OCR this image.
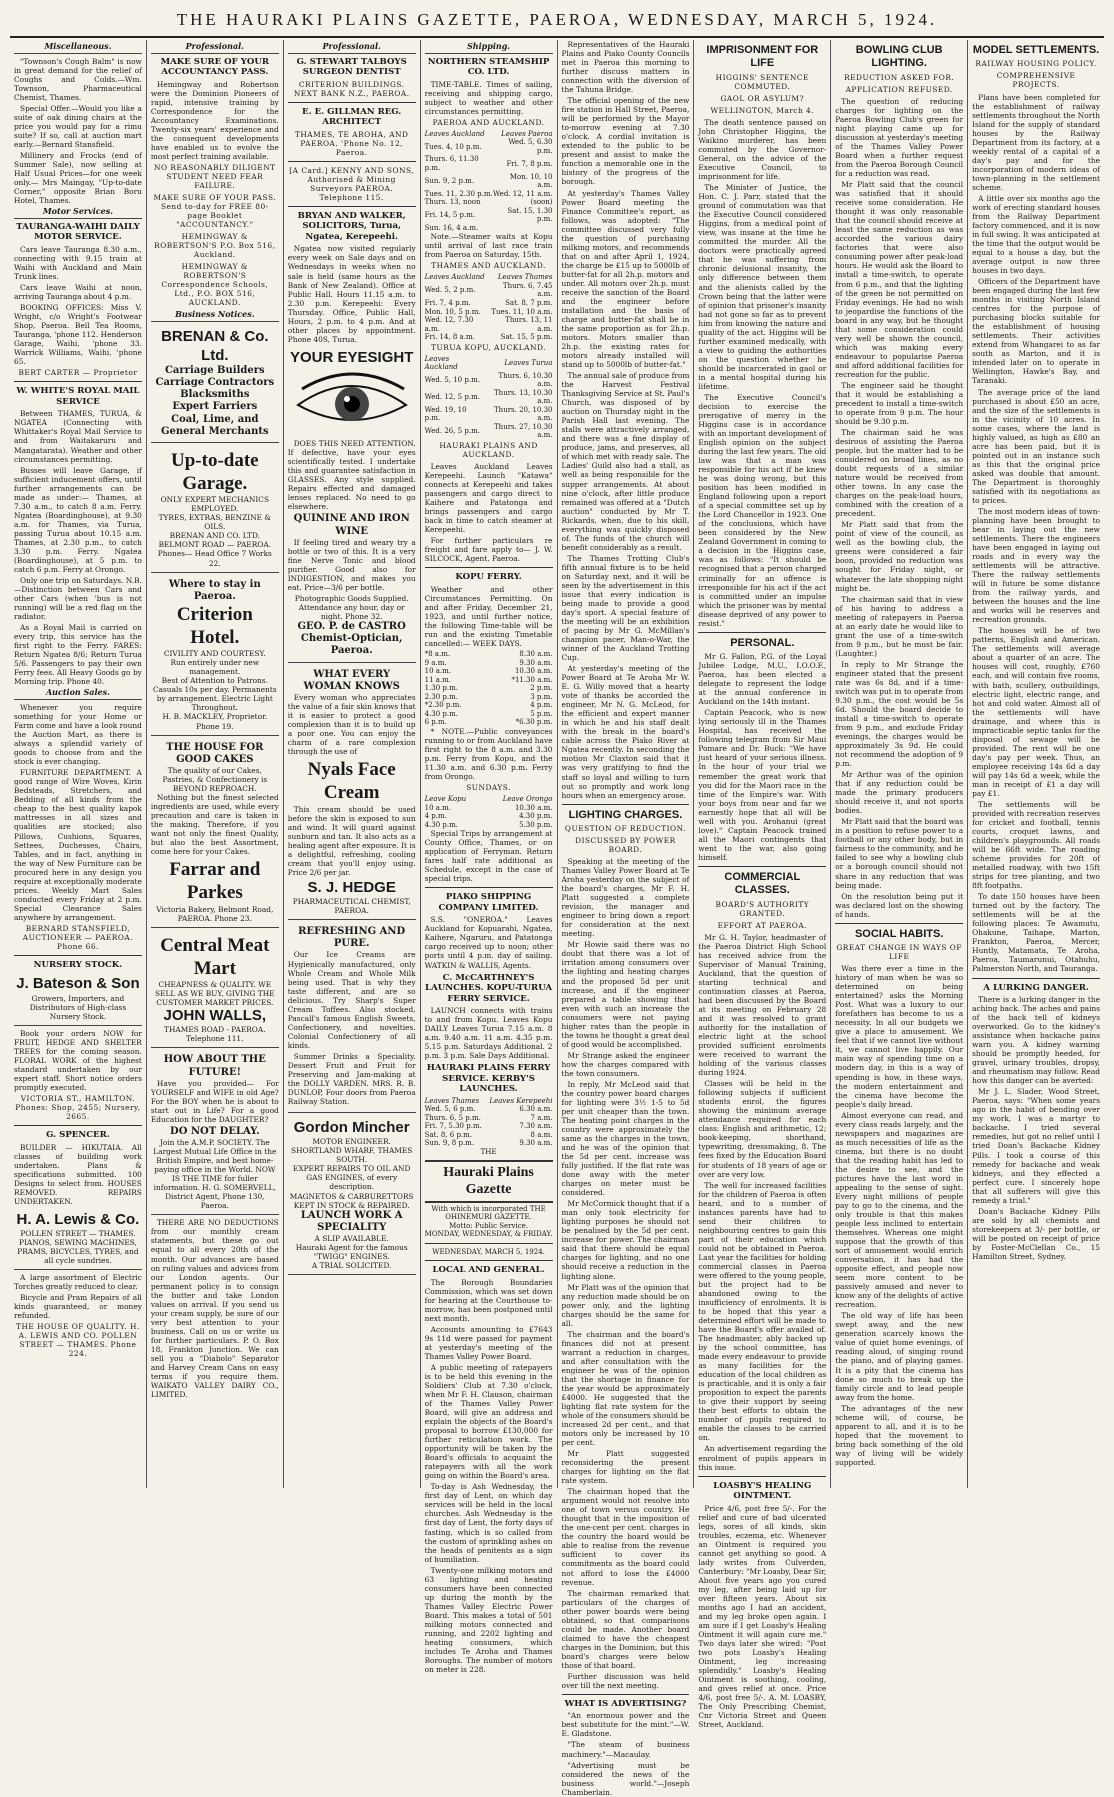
THE HAURAKI PLAINS GAZETTE, PAEROA, WEDNESDAY, MARCH 5, 1924.
Miscellaneous.

"Townson's Cough Balm" is now in great demand for the relief of Coughs and Colds.—Wm. Townson, Pharmaceutical Chemist, Thames.

Special Offer.—Would you like a suite of oak dining chairs at the price you would pay for a rimu suite? If so, call at auction mart early.—Bernard Stansfield.

Millinery and Frocks (end of Summer Sale), now selling at Half Usual Prices—for one week only.— Mrs Maingay, "Up-to-date Corner," opposite Brian Boru Hotel, Thames.

Motor Services.
TAURANGA-WAIHI DAILY MOTOR SERVICE.

Cars leave Tauranga 8.30 a.m., connecting with 9.15 train at Waihi with Auckland and Main Trunk lines.

Cars leave Waihi at noon, arriving Tauranga about 4 p.m.

BOOKING OFFICES: Miss V. Wright, c/o Wright's Footwear Shop, Paeroa. Bell Tea Rooms, Tauranga, 'phone 112. Henderson Garage, Waihi, 'phone 33. Warrick Williams, Waihi, 'phone 65.

BERT CARTER — Proprietor
W. WHITE'S ROYAL MAIL SERVICE

Between THAMES, TURUA, & NGATEA (Connecting with Whittaker's Royal Mail Service to and from Waitakaruru and Mangatarata). Weather and other circumstances permitting.

Busses will leave Garage, if sufficient inducement offers, until further arrangements can be made as under:— Thames, at 7.30 a.m., to catch 8 a.m. Ferry. Ngatea (Boardinghouse), at 9.30 a.m. for Thames, via Turua, passing Turua about 10.15 a.m. Thames, at 2.30 p.m., to catch 3.30 p.m. Ferry. Ngatea (Boardinghouse), at 5 p.m. to catch 6 p.m. Ferry at Orongo.

Only one trip on Saturdays. N.B.—Distinction between Cars and other Cars (when 'bus is not running) will be a red flag on the radiator.

As a Royal Mail is carried on every trip, this service has the first right to the Ferry. FARES: Return Ngatea 8/6; Return Turua 5/6. Passengers to pay their own Ferry fees. All Heavy Goods go by Morning trip. Phone 40.

Auction Sales.

Whenever you require something for your Home or Farm come and have a look round the Auction Mart, as there is always a splendid variety of goods to choose from and the stock is ever changing.

FURNITURE DEPARTMENT. A good range of Wire Woves, Kirin Bedsteads, Stretchers, and Bedding of all kinds from the cheap to the best quality kapok mattresses in all sizes and qualities are stocked; also Pillows, Cushions, Squares, Settees, Duchesses, Chairs, Tables, and in fact, anything in the way of New Furniture can be procured here in any design you require at exceptionally moderate prices. Weekly Mart Sales conducted every Friday at 2 p.m. Special Clearance Sales anywhere by arrangement.

BERNARD STANSFIELD, AUCTIONEER — PAEROA. Phone 66.
NURSERY STOCK.
J. Bateson & Son
Growers, Importers, and Distributors of High-class Nursery Stock.

Book your orders NOW for FRUIT, HEDGE AND SHELTER TREES for the coming season. FLORAL WORK of the highest standard undertaken by our expert staff. Short notice orders promptly executed.

VICTORIA ST., HAMILTON. Phones: Shop, 2455; Nursery, 2665.
G. SPENCER.

BUILDER — HIKUTAIA. All classes of building work undertaken. Plans & specifications submitted. 100 Designs to select from. HOUSES REMOVED. REPAIRS UNDERTAKEN.

H. A. Lewis & Co.
POLLEN STREET — THAMES. PIANOS, SEWING MACHINES, PRAMS, BICYCLES, TYRES, and all cycle sundries.

A large assortment of Electric Torches greatly reduced to clear.

Bicycle and Pram Repairs of all kinds guaranteed, or money refunded.

THE HOUSE OF QUALITY. H. A. LEWIS AND CO. POLLEN STREET — THAMES. Phone 224.
Professional.
MAKE SURE OF YOUR ACCOUNTANCY PASS.

Hemingway and Robertson were the Dominion Pioneers of rapid, intensive training by Correspondence for the Accountancy Examinations. Twenty-six years' experience and the consequent developments have enabled us to evolve the most perfect training available.

NO REASONABLY DILIGENT STUDENT NEED FEAR FAILURE.
MAKE SURE OF YOUR PASS. Send to-day for FREE 80-page Booklet "ACCOUNTANCY."
HEMINGWAY & ROBERTSON'S P.O. Box 516, Auckland.
HEMINGWAY & ROBERTSON'S Correspondence Schools, Ltd., P.O. BOX 516, AUCKLAND.
Business Notices.
BRENAN & Co. Ltd.
Carriage Builders
Carriage Contractors
Blacksmiths
Expert Farriers
Coal, Lime, and
General Merchants
Up-to-date Garage.
ONLY EXPERT MECHANICS EMPLOYED.
TYRES, EXTRAS, BENZINE & OILS.
BRENAN AND CO. LTD.
BELMONT ROAD — PAEROA. Phones— Head Office 7 Works 22.
Where to stay in Paeroa.
Criterion Hotel.
CIVILITY AND COURTESY.
Run entirely under new management.
Best of Attention to Patrons.
Casuals 10s per day. Permanents by arrangement. Electric Light Throughout.
H. B. MACKLEY, Proprietor. Phone 19.
THE HOUSE FOR GOOD CAKES
The quality of our Cakes, Pastries, & Confectionery is BEYOND REPROACH.

Nothing but the finest selected ingredients are used, while every precaution and care is taken in the making. Therefore, if you want not only the finest Quality, but also the best Assortment, come here for your Cakes.

Farrar and Parkes
Victoria Bakery, Belmont Road, PAEROA. Phone 23.
Central Meat Mart
CHEAPNESS & QUALITY. WE SELL AS WE BUY, GIVING THE CUSTOMER MARKET PRICES.
JOHN WALLS,
THAMES ROAD - PAEROA. Telephone 111.
HOW ABOUT THE FUTURE!

Have you provided— For YOURSELF and WIFE in old Age? For the BOY when he is about to start out in Life? For a good Education for the DAUGHTER?

DO NOT DELAY.
Join the A.M.P. SOCIETY. The Largest Mutual Life Office in the British Empire, and best home-paying office in the World. NOW IS THE TIME for fuller information. H. G. SOMERVELL, District Agent, Phone 130, Paeroa.

THERE ARE NO DEDUCTIONS from our monthly cream statements, but these go out equal to all every 20th of the month. Our advances are based on ruling values and advices from our London agents. Our permanent policy is to consign the butter and take London values on arrival. If you send us your cream supply, be sure of our very best attention to your business. Call on us or write us for further particulars. P. O. Box 18, Frankton Junction. We can sell you a "Diabolo" Separator and Harvey Cream Cans on easy terms if you require them. WAIKATO VALLEY DAIRY CO., LIMITED.

Professional.
G. STEWART TALBOYS SURGEON DENTIST
CRITERION BUILDINGS. NEXT BANK N.Z., PAEROA.
E. E. GILLMAN REG. ARCHITECT
THAMES, TE AROHA, AND PAEROA. 'Phone No. 12, Paeroa.
[A Card.] KENNY AND SONS, Authorised & Mining Surveyors PAEROA. Telephone 115.
BRYAN AND WALKER, SOLICITORS, Turua, Ngatea, Kerepeehi.

Ngatea now visited regularly every week on Sale days and on Wednesdays in weeks when no sale is held (same hours as the Bank of New Zealand). Office at Public Hall. Hours 11.15 a.m. to 2.30 p.m. Kerepeehi: Every Thursday. Office, Public Hall, Hours, 2 p.m. to 4 p.m. And at other places by appointment. Phone 40S, Turua.

YOUR EYESIGHT

DOES THIS NEED ATTENTION. If defective, have your eyes scientifically tested. I undertake this and guarantee satisfaction in GLASSES. Any style supplied. Repairs effected and damaged lenses replaced. No need to go elsewhere.

QUININE AND IRON WINE

If feeling tired and weary try a bottle or two of this. It is a very fine Nerve Tonic and blood purifier. Good also for INDIGESTION, and makes you eat. Price—3/6 per bottle.

Photographic Goods Supplied. Attendance any hour, day or night. Phone 32.
GEO. P. de CASTRO Chemist-Optician, Paeroa.
WHAT EVERY WOMAN KNOWS

Every woman who appreciates the value of a fair skin knows that it is easier to protect a good complexion than it is to build up a poor one. You can enjoy the charm of a rare complexion through the use of

Nyals Face Cream

This cream should be used before the skin is exposed to sun and wind. It will guard against sunburn and tan. It also acts as a healing agent after exposure. It is a delightful, refreshing, cooling cream that you'll enjoy using. Price 2/6 per jar.

S. J. HEDGE
PHARMACEUTICAL CHEMIST, PAEROA.
REFRESHING AND PURE.

Our Ice Creams are Hygienically manufactured, only Whole Cream and Whole Milk being used. That is why they taste different, and are so delicious. Try Sharp's Super Cream Toffees. Also stocked, Pascall's famous English Sweets, Confectionery, and novelties. Colonial Confectionery of all kinds.

Summer Drinks a Speciality. Dessert Fruit and Fruit for Preserving and Jam-making at the DOLLY VARDEN. MRS. R. B. DUNLOP, Four doors from Paeroa Railway Station.

Gordon Mincher
MOTOR ENGINEER. SHORTLAND WHARF, THAMES SOUTH.
EXPERT REPAIRS TO OIL AND GAS ENGINES, of every description.
MAGNETOS & CARBURETTORS KEPT IN STOCK & REPAIRED.
LAUNCH WORK A SPECIALITY
A SLIP AVAILABLE.
Hauraki Agent for the famous "TWIGG" ENGINES.
A TRIAL SOLICITED.
Shipping.
NORTHERN STEAMSHIP CO. LTD.

TIME-TABLE. Times of sailing, receiving and shipping cargo, subject to weather and other circumstances permitting.

PAEROA AND AUCKLAND.
Leaves Auckland	Leaves Paeroa
Tues. 4, 10 p.m.	Wed. 5, 6.30 p.m.
Thurs. 6, 11.30 p.m.	Fri. 7, 8 p.m.
Sun. 9, 2 p.m.	Mon. 10, 10 a.m.
Tues. 11, 2.30 p.m.	Wed. 12, 11 a.m.
Thurs. 13, noon	(soon)
Fri. 14, 5 p.m.	Sat. 15, 1.30 p.m.
Sun. 16, 4 a.m.	

Note.—Steamer waits at Kopu until arrival of last race train from Paeroa on Saturday, 15th.

THAMES AND AUCKLAND.
Leaves Auckland	Leaves Thames
Wed. 5, 2 p.m.	Thurs. 6, 7.45 a.m.
Fri. 7, 4 p.m.	Sat. 8, 7 p.m.
Mon. 10, 5 p.m.	Tues. 11, 10 a.m.
Wed. 12, 7.30 a.m.	Thurs. 13, 11 a.m.
Fri. 14, 8 a.m.	Sat. 15, 5 p.m.
TURUA KOPU, AUCKLAND.
Leaves Auckland	Leaves Turua
Wed. 5, 10 p.m.	Thurs. 6, 10.30 a.m.
Wed. 12, 5 p.m.	Thurs. 13, 10.30 a.m.
Wed. 19, 10 p.m.	Thurs. 20, 10.30 a.m.
Wed. 26, 5 p.m.	Thurs. 27, 10.30 a.m.
HAURAKI PLAINS AND AUCKLAND.

Leaves Auckland Leaves Kerepeehi. Launch "Katawa" connects at Kerepeehi and takes passengers and cargo direct to Kaihere and Patatonga and brings passengers and cargo back in time to catch steamer at Kerepeehi.

For further particulars re freight and fare apply to— J. W. SILCOCK, Agent, Paeroa.

KOPU FERRY.

Weather and other Circumstances Permitting. On and after Friday, December 21, 1923, and until further notice, the following Time-table will be run and the existing Timetable cancelled:— WEEK DAYS.

*8 a.m.	8.30 a.m.
9 a.m.	9.30 a.m.
10 a.m.	10.30 a.m.
11 a.m.	*11.30 a.m.
1.30 p.m.	2 p.m.
2.30 p.m.	3 p.m.
*2.30 p.m.	4 p.m.
4.30 p.m.	5 p.m.
6 p.m.	*6.30 p.m.

* NOTE.—Public conveyances running to or from Auckland have first right to the 8 a.m. and 3.30 p.m. Ferry from Kopu, and the 11.30 a.m. and 6.30 p.m. Ferry from Orongo.

SUNDAYS.
Leave Kopu	Leave Orongo
10 a.m.	10.30 a.m.
4 p.m.	4.30 p.m.
4.30 p.m.	5.30 p.m.

Special Trips by arrangement at County Office, Thames, or on application of Ferryman. Return fares half rate additional as Schedule, except in the case of special trips.

PIAKO SHIPPING COMPANY LIMITED.

S.S. "ONEROA." Leaves Auckland for Kopuarahi, Ngatea, Kaihere, Ngaruru, and Patatonga cargo received up to noon; other ports until 4 p.m. day of sailing. WATKIN & WALLIS, Agents.

C. McCARTHNEY'S LAUNCHES. KOPU-TURUA FERRY SERVICE.

LAUNCH connects with trains to and from Kopu. Leaves Kopu DAILY Leaves Turua 7.15 a.m. 8 a.m. 9.40 a.m. 11 a.m. 4.35 p.m. 5.15 p.m. Saturdays Additional. 2 p.m. 3 p.m. Sale Days Additional.

HAURAKI PLAINS FERRY SERVICE. KERBY'S LAUNCHES.
Leaves Thames	Leaves Kerepeehi
Wed. 5, 6 p.m.	6.30 a.m.
Thurs. 6, 5 p.m.	7 a.m.
Fri. 7, 5.30 p.m.	7.30 a.m.
Sat. 8, 6 p.m.	8 a.m.
Sun. 9, 8 p.m.	9.30 a.m.
THE
Hauraki Plains Gazette
With which is incorporated THE OHINEMURI GAZETTE.
Motto: Public Service.
MONDAY, WEDNESDAY, & FRIDAY.
WEDNESDAY, MARCH 5, 1924.
LOCAL AND GENERAL.

The Borough Boundaries Commission, which was set down for hearing at the Courthouse to-morrow, has been postponed until next month.

Accounts amounting to £7643 9s 11d were passed for payment at yesterday's meeting of the Thames Valley Power Board.

A public meeting of ratepayers is to be held this evening in the Soldiers' Club at 7.30 o'clock, when Mr F. H. Clauson, chairman of the Thames Valley Power Board, will give an address and explain the objects of the Board's proposal to borrow £130,000 for further reticulation work. The opportunity will be taken by the Board's officials to acquaint the ratepayers with all the work going on within the Board's area.

To-day is Ash Wednesday, the first day of Lent, on which day services will be held in the local churches. Ash Wednesday is the first day of Lent, the forty days of fasting, which is so called from the custom of sprinkling ashes on the heads of penitents as a sign of humiliation.

Twenty-one milking motors and 63 lighting and heating consumers have been connected up during the month by the Thames Valley Electric Power Board. This makes a total of 501 milking motors connected and running, and 2202 lighting and heating consumers, which includes Te Aroha and Thames Boroughs. The number of motors on meter is 228.

Representatives of the Hauraki Plains and Piako County Councils met in Paeroa this morning to further discuss matters in connection with the diversion of the Tahuna Bridge.

The official opening of the new fire station in Hall Street, Paeroa, will be performed by the Mayor to-morrow evening at 7.30 o'clock. A cordial invitation is extended to the public to be present and assist to make the function a memorable one in the history of the progress of the borough.

At yesterday's Thames Valley Power Board meeting the Finance Committee's report, as follows, was adopted: "The committee discussed very fully the question of purchasing milking motors, and recommends that on and after April 1, 1924, the charge be £15 up to 5000lb of butter-fat for all 2h.p. motors and under. All motors over 2h.p. must receive the sanction of the Board and the engineer before installation and the basis of charge and butter-fat shall be in the same proportion as for 2h.p. motors. Motors smaller than 2h.p. the existing rates for motors already installed will stand up to 5000lb of butter-fat."

The annual sale of produce from the Harvest Festival Thanksgiving Service at St. Paul's Church, was disposed of by auction on Thursday night in the Parish Hall last evening. The stalls were attractively arranged, and there was a fine display of produce, jams, and preserves, all of which met with ready sale. The Ladies' Guild also had a stall, as well as being responsible for the supper arrangements. At about nine o'clock, after little produce remained was offered at a "Dutch auction" conducted by Mr T. Rickards, when, due to his skill, everything was quickly disposed of. The funds of the church will benefit considerably as a result.

The Thames Trotting Club's fifth annual fixture is to be held on Saturday next, and it will be seen by the advertisement in this issue that every indication is being made to provide a good day's sport. A special feature of the meeting will be an exhibition of pacing by Mr G. McMillan's champion pacer, Man-o-War, the winner of the Auckland Trotting Cup.

At yesterday's meeting of the Power Board at Te Aroha Mr W. E. G. Willy moved that a hearty vote of thanks be accorded the engineer, Mr N. G. McLeod, for the efficient and expert manner in which he and his staff dealt with the break in the board's cable across the Piako River at Ngatea recently. In seconding the motion Mr Claxton said that it was very gratifying to find the staff so loyal and willing to turn out so promptly and work long hours when an emergency arose.

LIGHTING CHARGES.
QUESTION OF REDUCTION.
DISCUSSED BY POWER BOARD.

Speaking at the meeting of the Thames Valley Power Board at Te Aroha yesterday on the subject of the board's charges, Mr F. H. Platt suggested a complete revision, the manager and engineer to bring down a report for consideration at the next meeting.

Mr Howie said there was no doubt that there was a lot of irritation among consumers over the lighting and heating charges and the proposed 5d per unit increase, and if the engineer prepared a table showing that even with such an increase the consumers were not paying higher rates than the people in the towns he thought a great deal of good would be accomplished.

Mr Strange asked the engineer how the charges compared with the town consumers.

In reply, Mr McLeod said that the country power board charges for lighting were 3½ 1-5 to 5d per unit cheaper than the town. The heating point charges in the country were approximately the same as the charges in the town, and he was of the opinion that the 5d per cent. increase was fully justified. If the flat rate was done away with the meter charges on meter must be considered.

Mr McCormick thought that if a man only took electricity for lighting purposes he should not be penalised by the 5d per cent. increase for power. The chairman said that there should be equal charges for lighting, and no one should receive a reduction in the lighting alone.

Mr Platt was of the opinion that any reduction made should be on power only, and the lighting charges should be the same for all.

The chairman and the board's finances did not at present warrant a reduction in charges, and after consultation with the engineer he was of the opinion that the shortage in finance for the year would be approximately £4000. He suggested that the lighting flat rate system for the whole of the consumers should be increased 2d per cent., and that motors only be increased by 10 per cent.

Mr Platt suggested reconsidering the present charges for lighting on the flat rate system.

The chairman hoped that the argument would not resolve into one of town versus country. He thought that in the imposition of the one-cent per cent. charges in the country the board would be able to realise from the revenue sufficient to cover its commitments as the board could not afford to lose the £4000 revenue.

The chairman remarked that particulars of the charges of other power boards were being obtained, so that comparisons could be made. Another board claimed to have the cheapest charges in the Dominion, but this board's charges were below those of that board.

Further discussion was held over till the next meeting.

WHAT IS ADVERTISING?

"An enormous power and the best substitute for the mint."—W. E. Gladstone.

"The steam of business machinery."—Macaulay.

"Advertising must be considered the news of the business world."—Joseph Chamberlain.

IMPRISONMENT FOR LIFE
HIGGINS' SENTENCE COMMUTED.
GAOL OR ASYLUM?
WELLINGTON, March 4.

The death sentence passed on John Christopher Higgins, the Waikino murderer, has been commuted by the Governor-General, on the advice of the Executive Council, to imprisonment for life.

The Minister of Justice, the Hon. C. J. Parr, stated that the ground of commutation was that the Executive Council considered Higgins, from a medical point of view, was insane at the time he committed the murder. All the doctors were practically agreed that he was suffering from chronic delusional insanity, the only difference between them and the alienists called by the Crown being that the latter were of opinion that prisoner's insanity had not gone so far as to prevent him from knowing the nature and quality of the act. Higgins will be further examined medically, with a view to guiding the authorities on the question whether he should be incarcerated in gaol or in a mental hospital during his lifetime.

The Executive Council's decision to exercise the prerogative of mercy in the Higgins case is in accordance with an important development of English opinion on the subject during the last few years. The old law was that a man was responsible for his act if he knew he was doing wrong, but this position has been modified in England following upon a report of a special committee set up by the Lord Chancellor in 1923. One of the conclusions, which have been considered by the New Zealand Government in coming to a decision in the Higgins case, was as follows: "It should be recognised that a person charged criminally for an offence is irresponsible for his act if the act is committed under an impulse which the prisoner was by mental disease deprived of any power to resist."

PERSONAL.

Mr G. Fallon, P.G. of the Loyal Jubilee Lodge, M.U., I.O.O.F., Paeroa, has been elected a delegate to represent the lodge at the annual conference in Auckland on the 14th instant.

Captain Peacock, who is now lying seriously ill in the Thames Hospital, has received the following telegram from Sir Maui Pomare and Dr. Buck: "We have just heard of your serious illness. In the hour of your trial we remember the great work that you did for the Maori race in the time of the Empire's war. With your boys from near and far we earnestly hope that all will be well with you. Arohanui (great love)." Captain Peacock trained all the Maori contingents that went to the war, also going himself.

COMMERCIAL CLASSES.
BOARD'S AUTHORITY GRANTED.
EFFORT AT PAEROA.

Mr G. H. Taylor, headmaster of the Paeroa District High School has received advice from the Supervisor of Manual Training, Auckland, that the question of starting technical and continuation classes at Paeroa, had been discussed by the Board at its meeting on February 28 and it was resolved to grant authority for the installation of electric light at the school provided sufficient enrolments were received to warrant the holding of the various classes during 1924.

Classes will be held in the following subjects if sufficient students enrol, the figures showing the minimum average attendance required for each class: English and arithmetic, 12; book-keeping, shorthand, typewriting, dressmaking, 8. The fees fixed by the Education Board for students of 18 years of age or over are very low.

The well for increased facilities for the children of Paeroa is often heard, and to a number of instances parents have had to send their children to neighbouring centres to gain this part of their education which could not be obtained in Paeroa. Last year the facilities for holding commercial classes in Paeroa were offered to the young people, but the project had to be abandoned owing to the insufficiency of enrolments. It is to be hoped that this year a determined effort will be made to have the Board's offer availed of. The headmaster, ably backed up by the school committee, has made every endeavour to provide as many facilities for the education of the local children as is practicable, and it is only a fair proposition to expect the parents to give their support by seeing their best efforts to obtain the number of pupils required to enable the classes to be carried on.

An advertisement regarding the enrolment of pupils appears in this issue.

LOASBY'S HEALING OINTMENT.

Price 4/6, post free 5/-. For the relief and cure of bad ulcerated legs, sores of all kinds, skin troubles, eczema, etc. Whenever an Ointment is required you cannot get anything so good. A lady writes from Culverden, Canterbury: "Mr Loasby, Dear Sir, About five years ago you cured my leg, after being laid up for over fifteen years. About six months ago I had an accident, and my leg broke open again. I am sure if I get Loasby's Healing Ointment it will again cure me." Two days later she wired: "Post two pots Loasby's Healing Ointment, leg increasing splendidly." Loasby's Healing Ointment is soothing, cooling, and gives relief at once. Price 4/6, post free 5/-. A. M. LOASBY, The Only Prescribing Chemist, Cnr Victoria Street and Queen Street, Auckland.

BOWLING CLUB LIGHTING.
REDUCTION ASKED FOR.
APPLICATION REFUSED.

The question of reducing charges for lighting on the Paeroa Bowling Club's green for night playing came up for discussion at yesterday's meeting of the Thames Valley Power Board when a further request from the Paeroa Borough Council for a reduction was read.

Mr Platt said that the council was satisfied that it should receive some consideration. He thought it was only reasonable that the council should receive at least the same reduction as was accorded the various dairy factories that were also consuming power after peak-load hours. He would ask the Board to install a time-switch, to operate from 6 p.m., and that the lighting of the green be not permitted on Friday evenings. He had no wish to jeopardise the functions of the board in any way, but he thought that some consideration could very well be shown the council, which was making every endeavour to popularise Paeroa and afford additional facilities for recreation for the public.

The engineer said he thought that it would be establishing a precedent to install a time-switch to operate from 9 p.m. The hour should be 9.30 p.m.

The chairman said he was desirous of assisting the Paeroa people, but the matter had to be considered on broad lines, as no doubt requests of a similar nature would be received from other towns. In any case the charges on the peak-load hours, combined with the creation of a precedent.

Mr Platt said that from the point of view of the council, as well as the bowling club, the greens were considered a fair boon, provided no reduction was sought for Friday night, or whatever the late shopping night might be.

The chairman said that in view of his having to address a meeting of ratepayers in Paeroa at an early date he would like to grant the use of a time-switch from 9 p.m., but he must be fair. (Laughter.)

In reply to Mr Strange the engineer stated that the present rate was 6s 8d, and if a time-switch was put in to operate from 9.30 p.m., the cost would be 5s 6d. Should the board decide to install a time-switch to operate from 9 p.m., and exclude Friday evenings, the charges would be approximately 3s 9d. He could not recommend the adoption of 9 p.m.

Mr Arthur was of the opinion that if any reduction could be made the primary producers should receive it, and not sports bodies.

Mr Platt said that the board was in a position to refuse power to a football or any other body, but in fairness to the community, and he failed to see why a bowling club or a borough council should not share in any reduction that was being made.

On the resolution being put it was declared lost on the showing of hands.

SOCIAL HABITS.
GREAT CHANGE IN WAYS OF LIFE

Was there ever a time in the history of man when he was so determined on being entertained? asks the Morning Post. What was a luxury to our forefathers has become to us a necessity. In all our budgets we give a place to amusement. We feel that if we cannot live without it, we cannot live happily. Our main way of spending time on a modern day, in this is a way of spending is how, in these ways, the modern entertainment and the cinema have become the people's daily bread.

Almost everyone can read, and every class reads largely, and the newspapers and magazines are as much necessities of life as the cinema, but there is no doubt that the reading habit has led to the desire to see, and the pictures have the last word in appealing to the sense of sight. Every night millions of people pay to go to the cinema, and the only trouble is that this makes people less inclined to entertain themselves. Whereas one might suppose that the growth of this sort of amusement would enrich conversation, it has had the opposite effect, and people now seem more content to be passively amused and never to know any of the delights of active recreation.

The old way of life has been swept away, and the new generation scarcely knows the value of quiet home evenings, of reading aloud, of singing round the piano, and of playing games. It is a pity that the cinema has done so much to break up the family circle and to lead people away from the home.

The advantages of the new scheme will, of course, be apparent to all, and it is to be hoped that the movement to bring back something of the old way of living will be widely supported.

MODEL SETTLEMENTS.
RAILWAY HOUSING POLICY.
COMPREHENSIVE PROJECTS.

Plans have been completed for the establishment of railway settlements throughout the North Island for the supply of standard houses by the Railway Department from its factory, at a weekly rental of a capital of a day's pay and for the incorporation of modern ideas of town-planning in the settlement scheme.

A little over six months ago the work of erecting standard houses from the Railway Department factory commenced, and it is now in full swing. It was anticipated at the time that the output would be equal to a house a day, but the average output is now three houses in two days.

Officers of the Department have been engaged during the last few months in visiting North Island centres for the purpose of purchasing blocks suitable for the establishment of housing settlements. Their activities extend from Whangarei to as far south as Marton, and it is intended later on to operate in Wellington, Hawke's Bay, and Taranaki.

The average price of the land purchased is about £50 an acre, and the size of the settlements is in the vicinity of 10 acres. In some cases, where the land is highly valued, as high as £80 an acre has been paid, but it is pointed out in an instance such as this that the original price asked was double that amount. The Department is thoroughly satisfied with its negotiations as to prices.

The most modern ideas of town-planning have been brought to bear in laying out the new settlements. There the engineers have been engaged in laying out roads and in every way the settlements will be attractive. There the railway settlements will in future be some distance from the railway yards, and between the houses and the line and works will be reserves and recreation grounds.

The houses will be of two patterns, English and American. The settlements will average about a quarter of an acre. The houses will cost, roughly, £760 each, and will contain five rooms, with bath, scullery, outbuildings, electric light, electric range, and hot and cold water. Almost all of the settlements will have drainage, and where this is impracticable septic tanks for the disposal of sewage will be provided. The rent will be one day's pay per week. Thus, an employee receiving 14s 6d a day will pay 14s 6d a week, while the man in receipt of £1 a day will pay £1.

The settlements will be provided with recreation reserves for cricket and football, tennis courts, croquet lawns, and children's playgrounds. All roads will be 66ft wide. The roading scheme provides for 20ft of metalled roadway, with two 15ft strips for tree planting, and two 8ft footpaths.

To date 150 houses have been turned out by the factory. The settlements will be at the following places: Te Awamutu, Ohakune, Taihape, Marton, Frankton, Paeroa, Mercer, Huntly, Matamata, Te Aroha, Paeroa, Taumarunui, Otahuhu, Palmerston North, and Tauranga.

A LURKING DANGER.

There is a lurking danger in the aching back. The aches and pains of the back tell of kidneys overworked. Go to the kidney's assistance when backache pains warn you. A kidney warning should be promptly heeded, for gravel, urinary troubles, dropsy, and rheumatism may follow. Read how this danger can be averted:

Mr J. L. Slader, Wood Street, Paeroa, says: "When some years ago in the habit of bending over my work, I was a martyr to backache. I tried several remedies, but got no relief until I tried Doan's Backache Kidney Pills. I took a course of this remedy for backache and weak kidneys, and they effected a perfect cure. I sincerely hope that all sufferers will give this remedy a trial."

Doan's Backache Kidney Pills are sold by all chemists and storekeepers at 3/- per bottle, or will be posted on receipt of price by Foster-McClellan Co., 15 Hamilton Street, Sydney.
